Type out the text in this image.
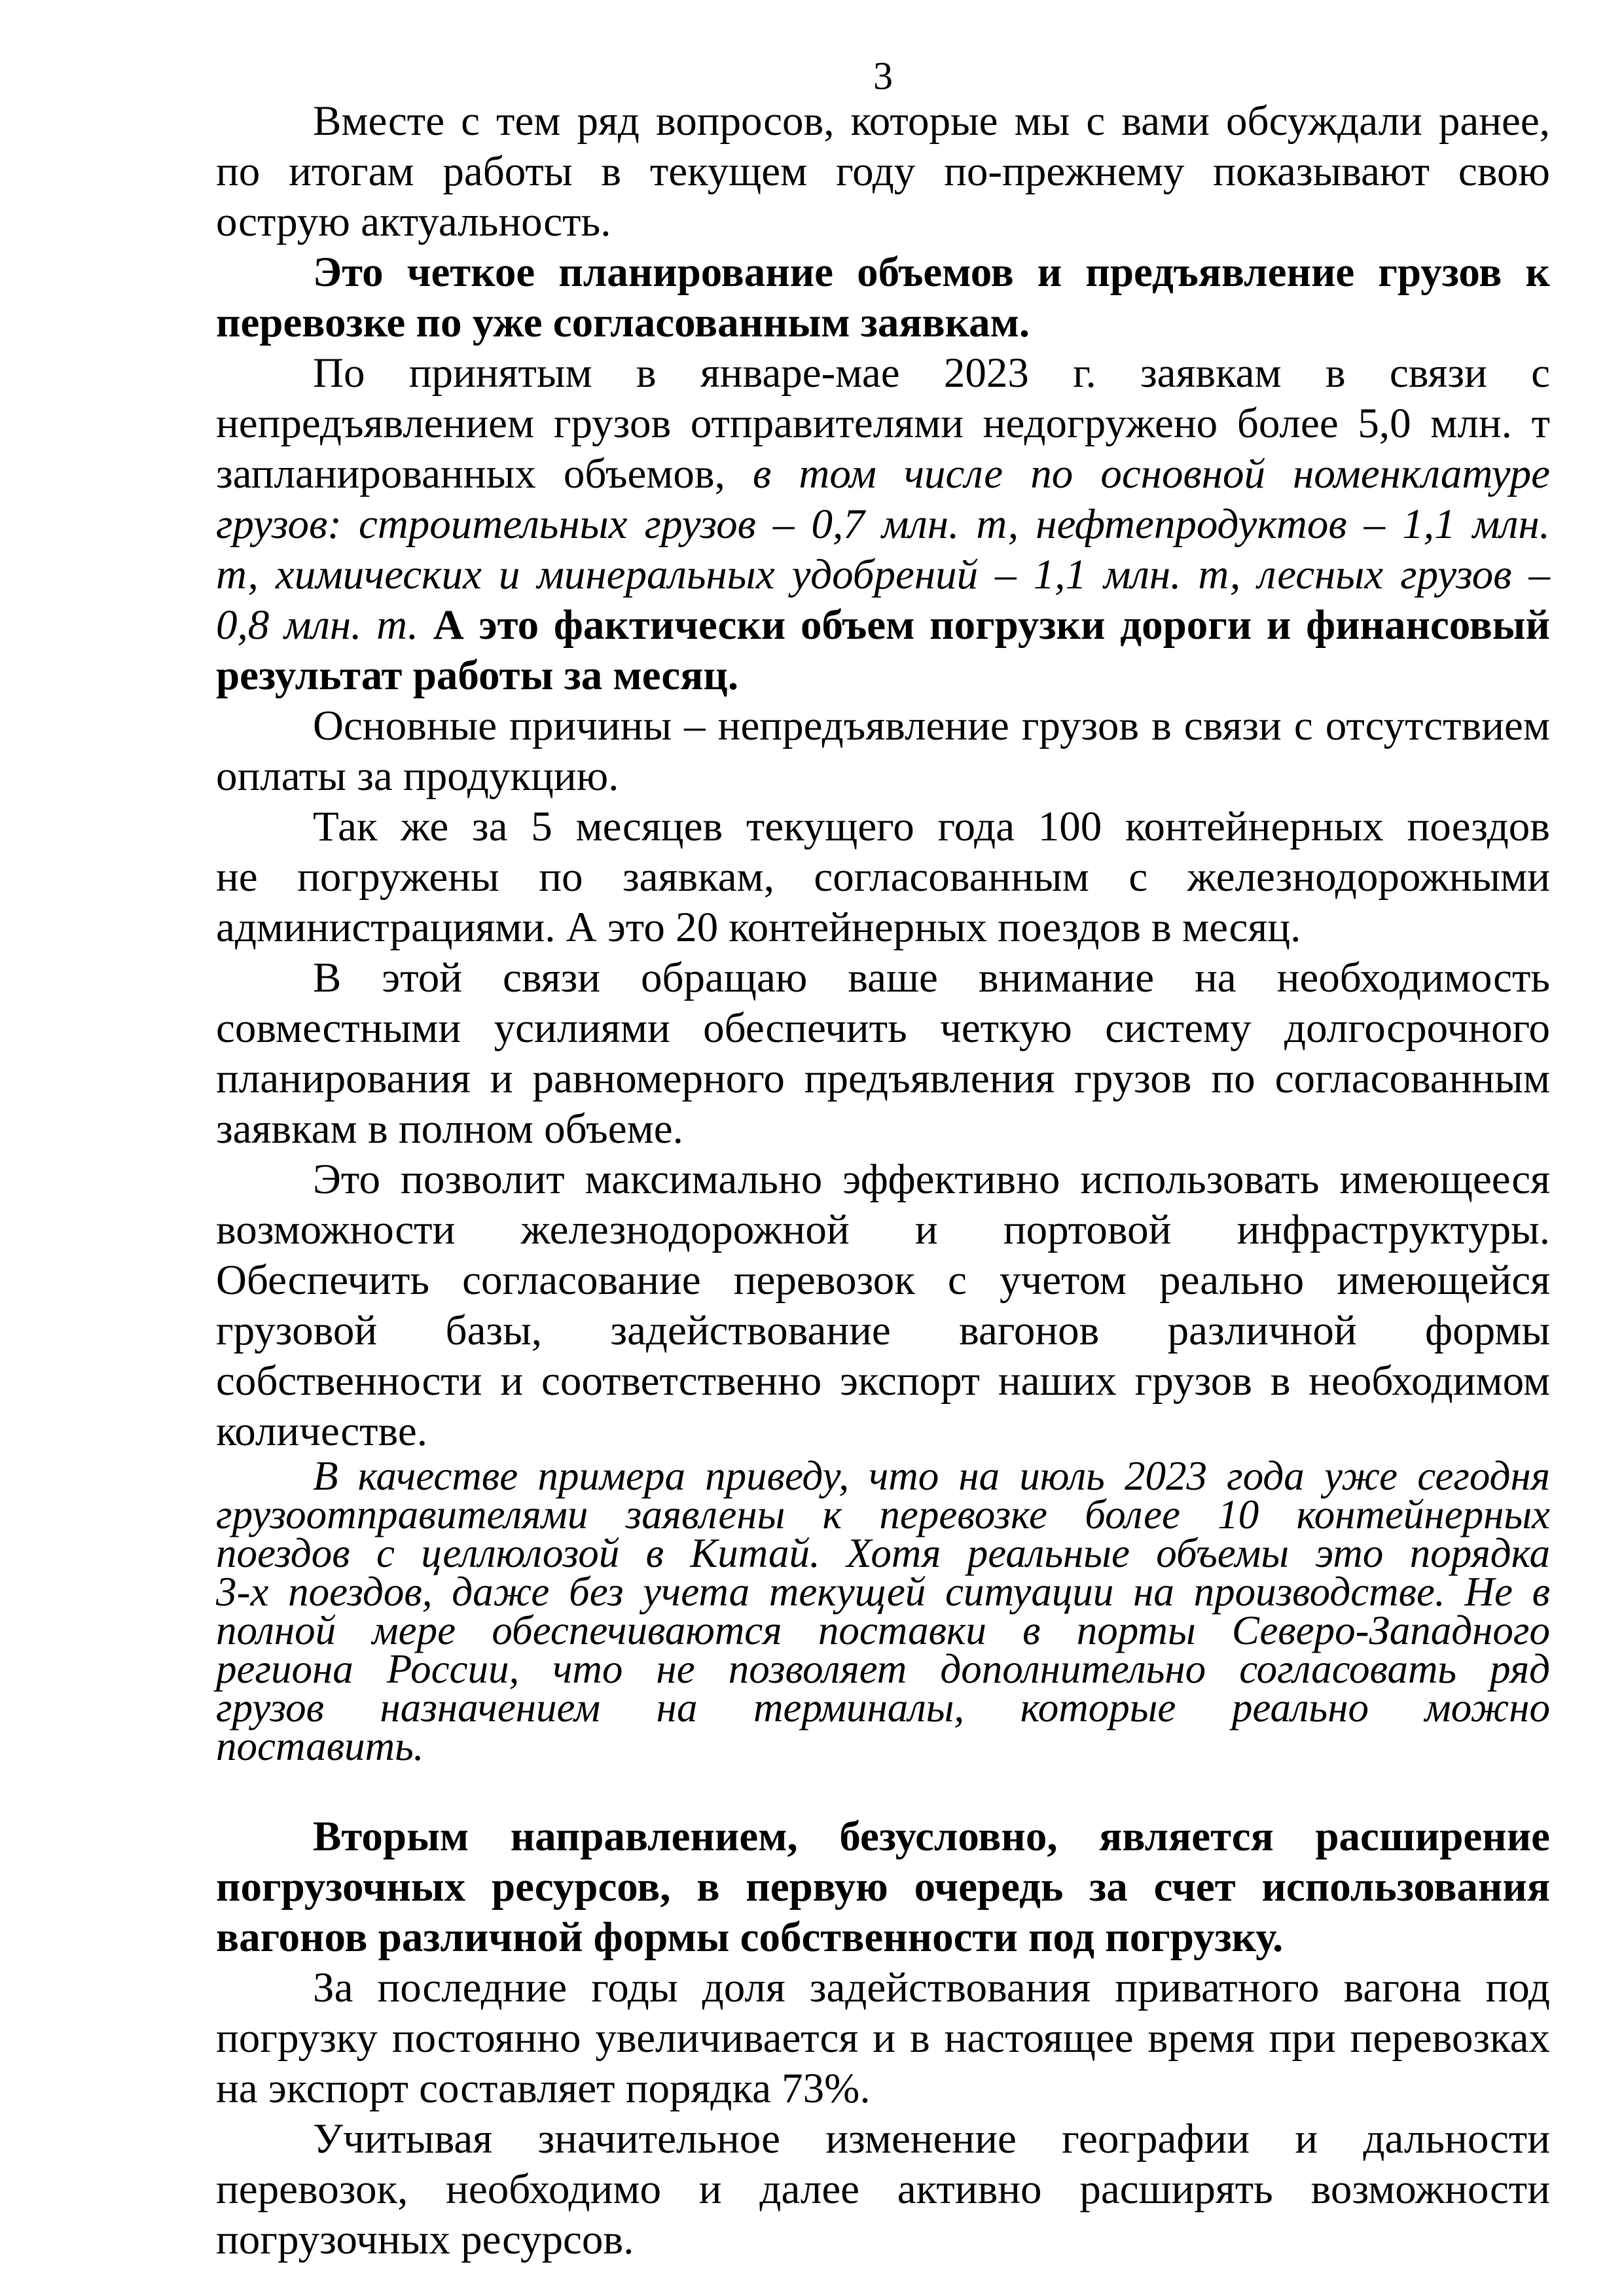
3
Вместе с тем ряд вопросов, которые мы с вами обсуждали ранее,
по итогам работы в текущем году по-прежнему показывают свою
острую актуальность.
Это четкое планирование объемов и предъявление грузов к
перевозке по уже согласованным заявкам.
По принятым в январе-мае 2023 г. заявкам в связи с
непредъявлением грузов отправителями недогружено более 5,0 млн. т
запланированных объемов, в том числе по основной номенклатуре
грузов: строительных грузов – 0,7 млн. т, нефтепродуктов – 1,1 млн.
т, химических и минеральных удобрений – 1,1 млн. т, лесных грузов –
0,8 млн. т. А это фактически объем погрузки дороги и финансовый
результат работы за месяц.
Основные причины – непредъявление грузов в связи с отсутствием
оплаты за продукцию.
Так же за 5 месяцев текущего года 100 контейнерных поездов
не погружены по заявкам, согласованным с железнодорожными
администрациями. А это 20 контейнерных поездов в месяц.
В этой связи обращаю ваше внимание на необходимость
совместными усилиями обеспечить четкую систему долгосрочного
планирования и равномерного предъявления грузов по согласованным
заявкам в полном объеме.
Это позволит максимально эффективно использовать имеющееся
возможности железнодорожной и портовой инфраструктуры.
Обеспечить согласование перевозок с учетом реально имеющейся
грузовой базы, задействование вагонов различной формы
собственности и соответственно экспорт наших грузов в необходимом
количестве.
В качестве примера приведу, что на июль 2023 года уже сегодня
грузоотправителями заявлены к перевозке более 10 контейнерных
поездов с целлюлозой в Китай. Хотя реальные объемы это порядка
3-х поездов, даже без учета текущей ситуации на производстве. Не в
полной мере обеспечиваются поставки в порты Северо-Западного
региона России, что не позволяет дополнительно согласовать ряд
грузов назначением на терминалы, которые реально можно
поставить.
Вторым направлением, безусловно, является расширение
погрузочных ресурсов, в первую очередь за счет использования
вагонов различной формы собственности под погрузку.
За последние годы доля задействования приватного вагона под
погрузку постоянно увеличивается и в настоящее время при перевозках
на экспорт составляет порядка 73%.
Учитывая значительное изменение географии и дальности
перевозок, необходимо и далее активно расширять возможности
погрузочных ресурсов.
